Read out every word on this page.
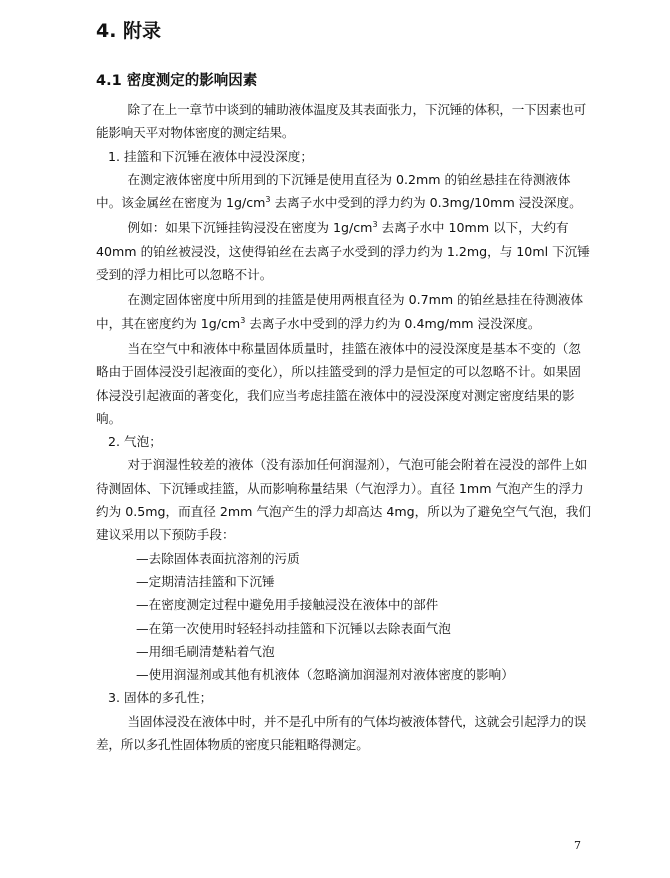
4. 附录
4.1 密度测定的影响因素

除了在上一章节中谈到的辅助液体温度及其表面张力，下沉锤的体积，一下因素也可能影响天平对物体密度的测定结果。

1. 挂篮和下沉锤在液体中浸没深度；

在测定液体密度中所用到的下沉锤是使用直径为 0.2mm 的铂丝悬挂在待测液体中。该金属丝在密度为 $1g/cm^3$ 去离子水中受到的浮力约为 0.3mg/10mm 浸没深度。

例如：如果下沉锤挂钩浸没在密度为 $1g/cm^3$ 去离子水中 10mm 以下，大约有 40mm 的铂丝被浸没，这使得铂丝在去离子水受到的浮力约为 1.2mg，与 10ml 下沉锤受到的浮力相比可以忽略不计。

在测定固体密度中所用到的挂篮是使用两根直径为 0.7mm 的铂丝悬挂在待测液体中，其在密度约为 $1g/cm^3$ 去离子水中受到的浮力约为 0.4mg/mm 浸没深度。

当在空气中和液体中称量固体质量时，挂篮在液体中的浸没深度是基本不变的（忽略由于固体浸没引起液面的变化），所以挂篮受到的浮力是恒定的可以忽略不计。如果固体浸没引起液面的著变化，我们应当考虑挂篮在液体中的浸没深度对测定密度结果的影响。

2. 气泡；

对于润湿性较差的液体（没有添加任何润湿剂），气泡可能会附着在浸没的部件上如待测固体、下沉锤或挂篮，从而影响称量结果（气泡浮力）。直径 1mm 气泡产生的浮力约为 0.5mg，而直径 2mm 气泡产生的浮力却高达 4mg，所以为了避免空气气泡，我们建议采用以下预防手段：

—去除固体表面抗溶剂的污质

—定期清洁挂篮和下沉锤

—在密度测定过程中避免用手接触浸没在液体中的部件

—在第一次使用时轻轻抖动挂篮和下沉锤以去除表面气泡

—用细毛刷清楚粘着气泡

—使用润湿剂或其他有机液体（忽略滴加润湿剂对液体密度的影响）

3. 固体的多孔性；

当固体浸没在液体中时，并不是孔中所有的气体均被液体替代，这就会引起浮力的误差，所以多孔性固体物质的密度只能粗略得测定。

7
